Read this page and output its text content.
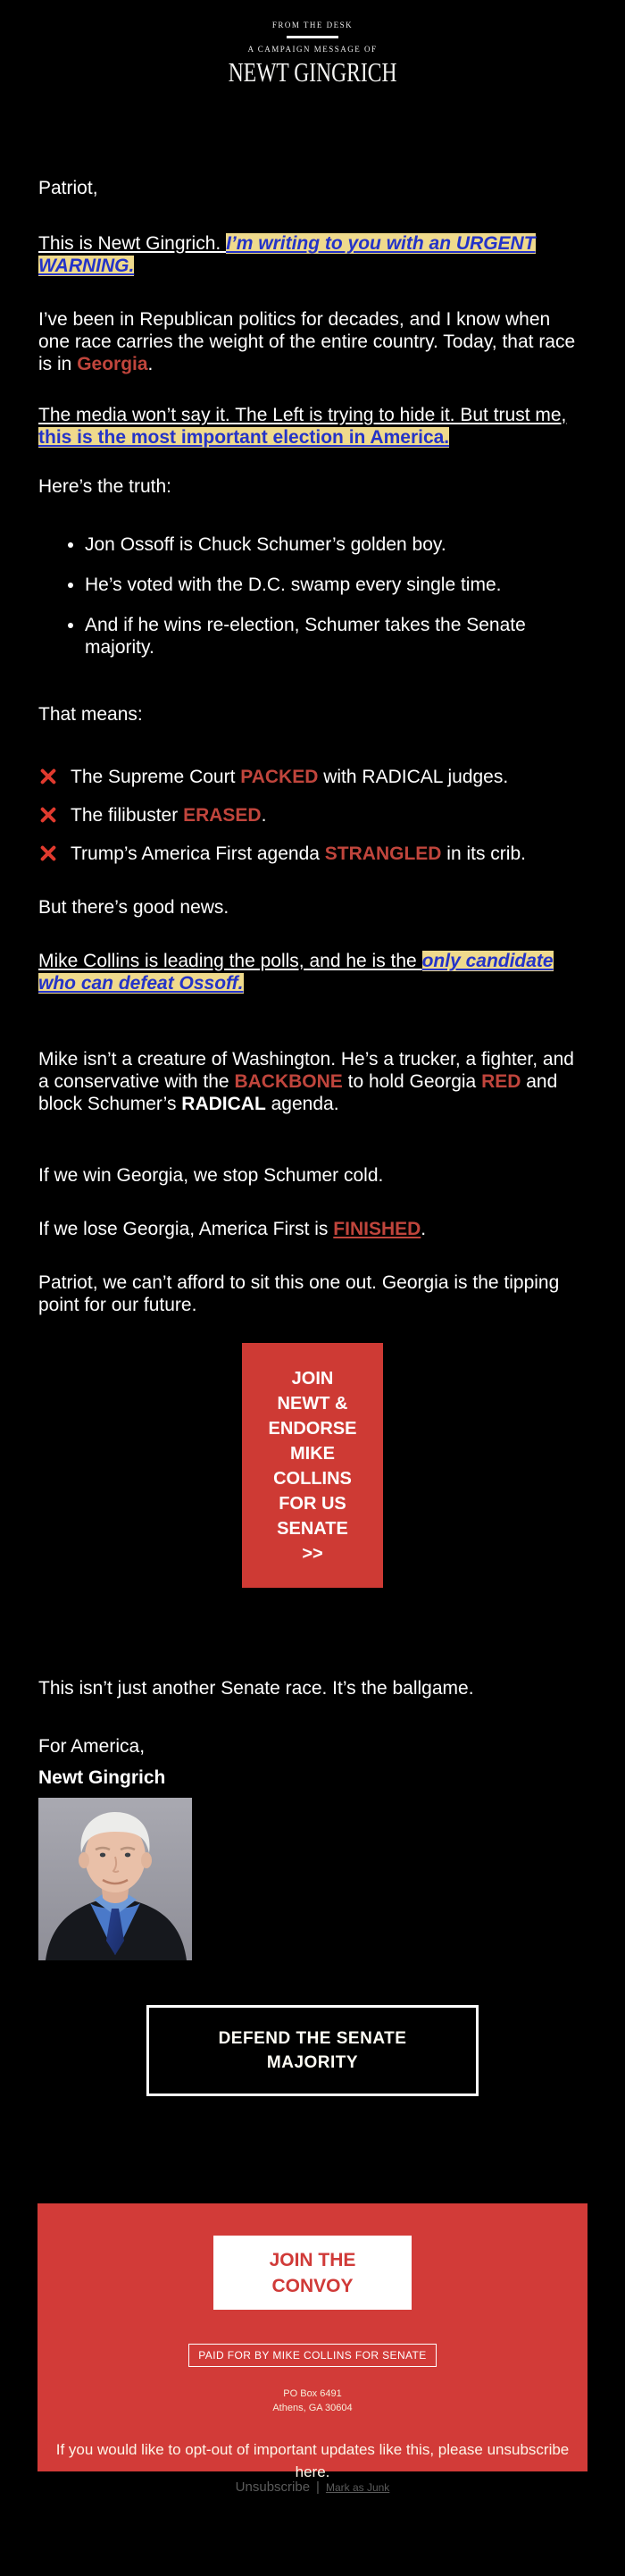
FROM THE DESK
A CAMPAIGN MESSAGE OF
NEWT GINGRICH

Patriot,

This is Newt Gingrich. I’m writing to you with an URGENT WARNING.

I’ve been in Republican politics for decades, and I know when one race carries the weight of the entire country. Today, that race is in Georgia.

The media won’t say it. The Left is trying to hide it. But trust me, this is the most important election in America.

Here’s the truth:

• Jon Ossoff is Chuck Schumer’s golden boy.
• He’s voted with the D.C. swamp every single time.
• And if he wins re-election, Schumer takes the Senate majority.

That means:

The Supreme Court PACKED with RADICAL judges.
The filibuster ERASED.
Trump’s America First agenda STRANGLED in its crib.

But there’s good news.

Mike Collins is leading the polls, and he is the only candidate who can defeat Ossoff.

Mike isn’t a creature of Washington. He’s a trucker, a fighter, and a conservative with the BACKBONE to hold Georgia RED and block Schumer’s RADICAL agenda.

If we win Georgia, we stop Schumer cold.

If we lose Georgia, America First is FINISHED.

Patriot, we can’t afford to sit this one out. Georgia is the tipping point for our future.

JOIN
NEWT &
ENDORSE
MIKE
COLLINS
FOR US
SENATE
>>

This isn’t just another Senate race. It’s the ballgame.

For America,

Newt Gingrich

DEFEND THE SENATE MAJORITY
JOIN THE CONVOY
PAID FOR BY MIKE COLLINS FOR SENATE
PO Box 6491
Athens, GA 30604
If you would like to opt-out of important updates like this, please unsubscribe here.
Unsubscribe | Mark as Junk
